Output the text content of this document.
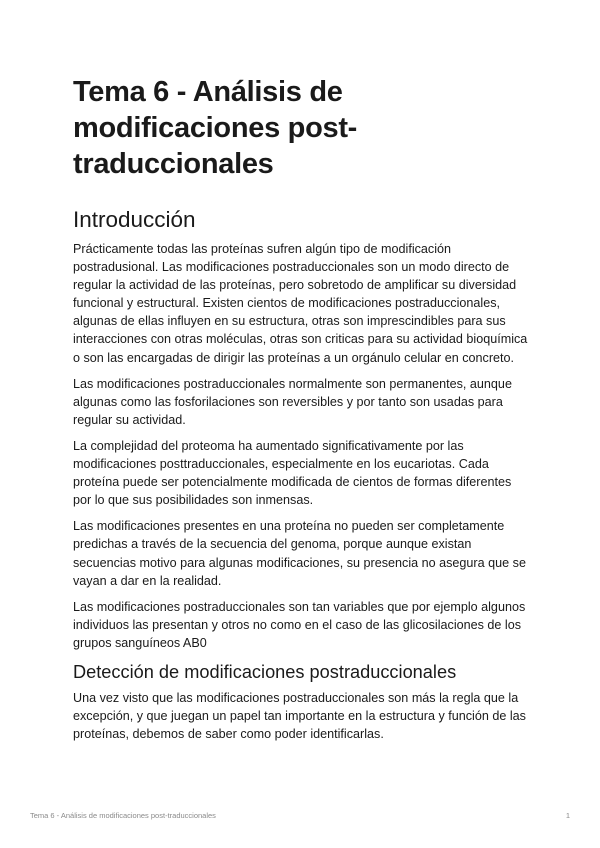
Tema 6 - Análisis de modificaciones post-traduccionales
Introducción

Prácticamente todas las proteínas sufren algún tipo de modificación postradusional. Las modificaciones postraduccionales son un modo directo de regular la actividad de las proteínas, pero sobretodo de amplificar su diversidad funcional y estructural. Existen cientos de modificaciones postraduccionales, algunas de ellas influyen en su estructura, otras son imprescindibles para sus interacciones con otras moléculas, otras son criticas para su actividad bioquímica o son las encargadas de dirigir las proteínas a un orgánulo celular en concreto.

Las modificaciones postraduccionales normalmente son permanentes, aunque algunas como las fosforilaciones son reversibles y por tanto son usadas para regular su actividad.

La complejidad del proteoma ha aumentado significativamente por las modificaciones posttraduccionales, especialmente en los eucariotas. Cada proteína puede ser potencialmente modificada de cientos de formas diferentes por lo que sus posibilidades son inmensas.

Las modificaciones presentes en una proteína no pueden ser completamente predichas a través de la secuencia del genoma, porque aunque existan secuencias motivo para algunas modificaciones, su presencia no asegura que se vayan a dar en la realidad.

Las modificaciones postraduccionales son tan variables que por ejemplo algunos individuos las presentan y otros no como en el caso de las glicosilaciones de los grupos sanguíneos AB0

Detección de modificaciones postraduccionales

Una vez visto que las modificaciones postraduccionales son más la regla que la excepción, y que juegan un papel tan importante en la estructura y función de las proteínas, debemos de saber como poder identificarlas.

Tema 6 - Análisis de modificaciones post-traduccionales	1
